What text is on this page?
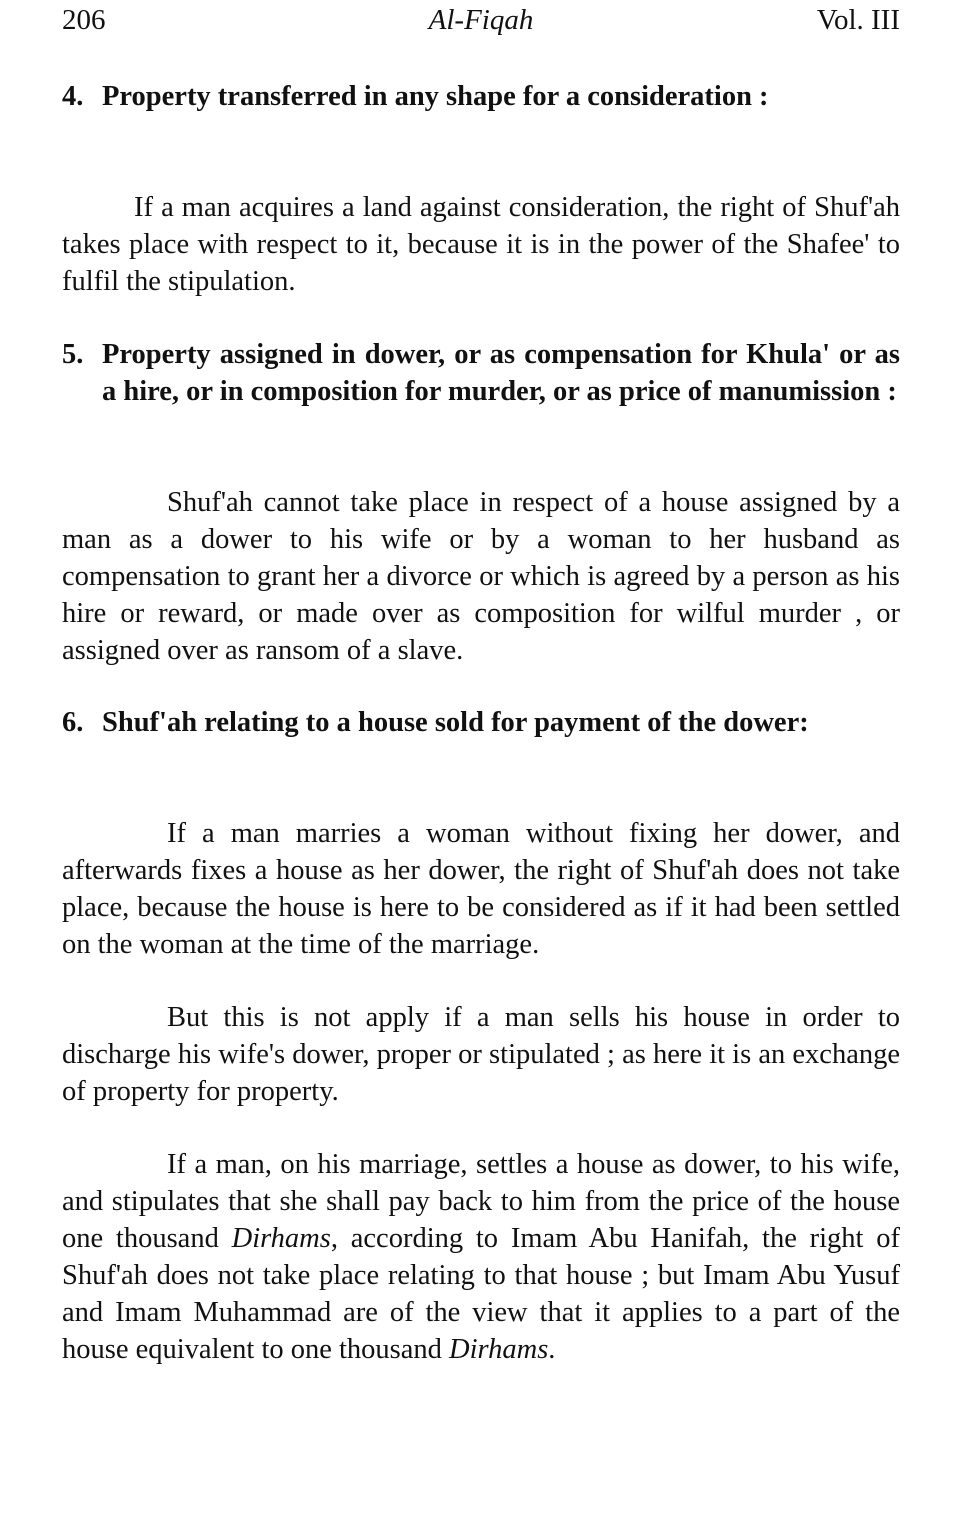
206	Al-Fiqah	Vol. III
4. Property transferred in any shape for a consideration :

If a man acquires a land against consideration, the right of Shuf'ah takes place with respect to it, because it is in the power of the Shafee' to fulfil the stipulation.

5. Property assigned in dower, or as compensation for Khula' or as a hire, or in composition for murder, or as price of manumission :

Shuf'ah cannot take place in respect of a house assigned by a man as a dower to his wife or by a woman to her husband as compensation to grant her a divorce or which is agreed by a person as his hire or reward, or made over as composition for wilful murder , or assigned over as ransom of a slave.

6. Shuf'ah relating to a house sold for payment of the dower:

If a man marries a woman without fixing her dower, and afterwards fixes a house as her dower, the right of Shuf'ah does not take place, because the house is here to be considered as if it had been settled on the woman at the time of the marriage.

But this is not apply if a man sells his house in order to discharge his wife's dower, proper or stipulated ; as here it is an exchange of property for property.

If a man, on his marriage, settles a house as dower, to his wife, and stipulates that she shall pay back to him from the price of the house one thousand Dirhams, according to Imam Abu Hanifah, the right of Shuf'ah does not take place relating to that house ; but Imam Abu Yusuf and Imam Muhammad are of the view that it applies to a part of the house equivalent to one thousand Dirhams.
